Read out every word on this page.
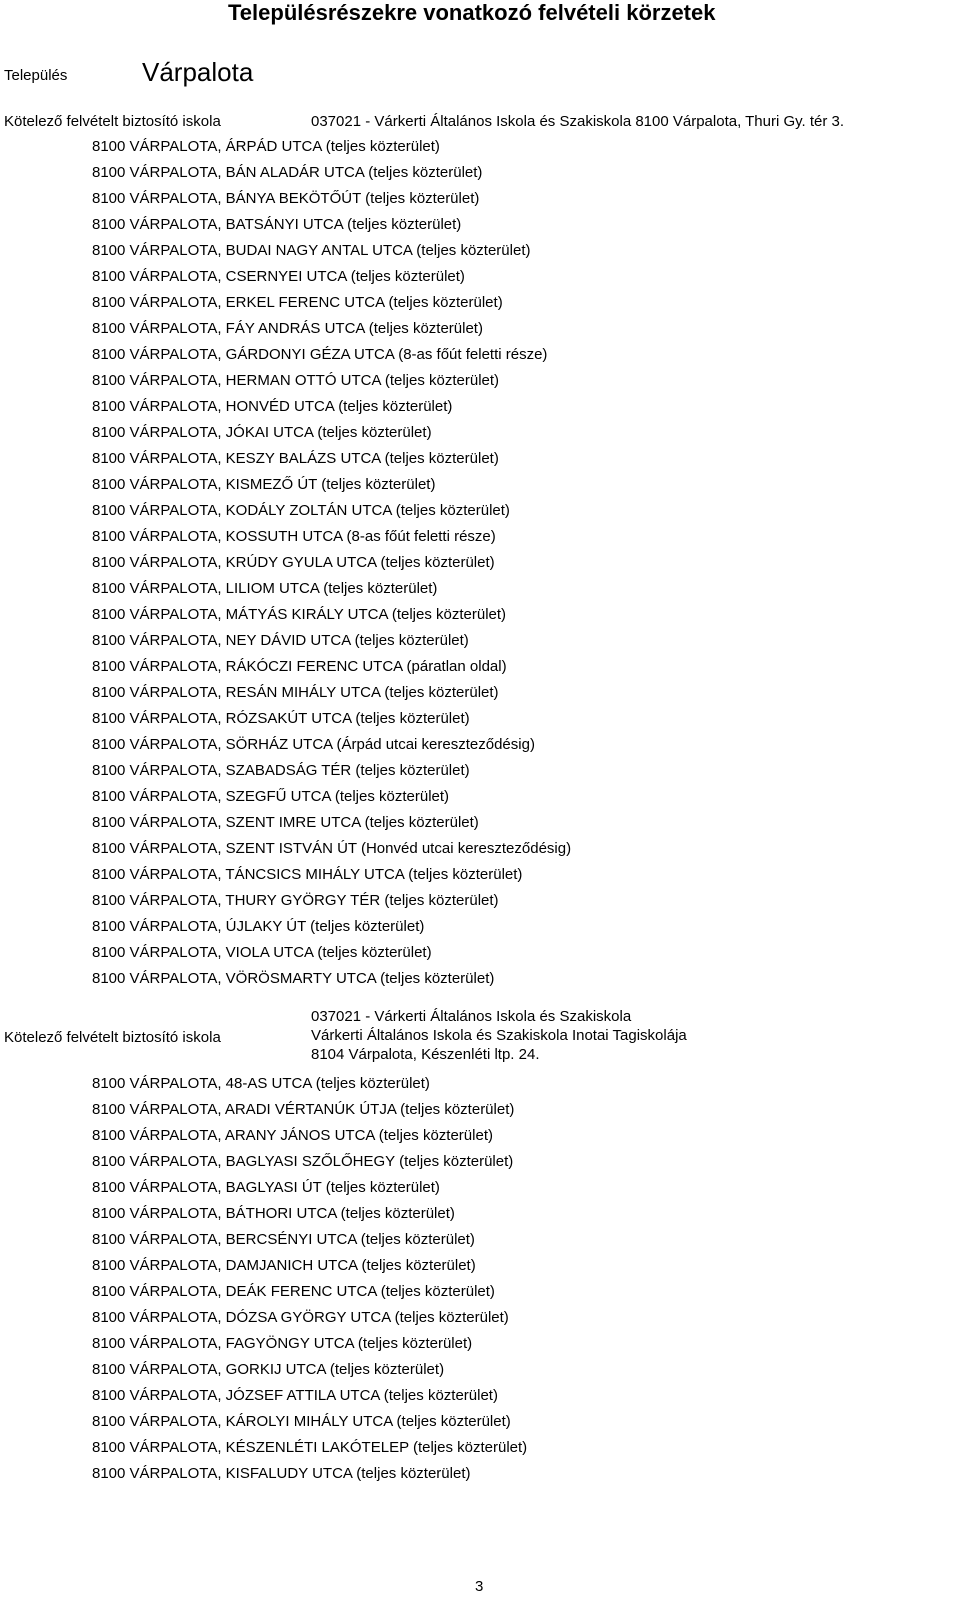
Településrészekre vonatkozó felvételi körzetek
Település	Várpalota
Kötelező felvételt biztosító iskola	037021 - Várkerti Általános Iskola és Szakiskola 8100 Várpalota, Thuri Gy. tér 3.
8100 VÁRPALOTA, ÁRPÁD UTCA (teljes közterület)
8100 VÁRPALOTA, BÁN ALADÁR UTCA (teljes közterület)
8100 VÁRPALOTA, BÁNYA BEKÖTŐÚT (teljes közterület)
8100 VÁRPALOTA, BATSÁNYI UTCA (teljes közterület)
8100 VÁRPALOTA, BUDAI NAGY ANTAL UTCA (teljes közterület)
8100 VÁRPALOTA, CSERNYEI UTCA (teljes közterület)
8100 VÁRPALOTA, ERKEL FERENC UTCA (teljes közterület)
8100 VÁRPALOTA, FÁY ANDRÁS UTCA (teljes közterület)
8100 VÁRPALOTA, GÁRDONYI GÉZA UTCA (8-as főút feletti része)
8100 VÁRPALOTA, HERMAN OTTÓ UTCA (teljes közterület)
8100 VÁRPALOTA, HONVÉD UTCA (teljes közterület)
8100 VÁRPALOTA, JÓKAI UTCA (teljes közterület)
8100 VÁRPALOTA, KESZY BALÁZS UTCA (teljes közterület)
8100 VÁRPALOTA, KISMEZŐ ÚT (teljes közterület)
8100 VÁRPALOTA, KODÁLY ZOLTÁN UTCA (teljes közterület)
8100 VÁRPALOTA, KOSSUTH UTCA (8-as főút feletti része)
8100 VÁRPALOTA, KRÚDY GYULA UTCA (teljes közterület)
8100 VÁRPALOTA, LILIOM UTCA (teljes közterület)
8100 VÁRPALOTA, MÁTYÁS KIRÁLY UTCA (teljes közterület)
8100 VÁRPALOTA, NEY DÁVID UTCA (teljes közterület)
8100 VÁRPALOTA, RÁKÓCZI FERENC UTCA (páratlan oldal)
8100 VÁRPALOTA, RESÁN MIHÁLY UTCA (teljes közterület)
8100 VÁRPALOTA, RÓZSAKÚT UTCA (teljes közterület)
8100 VÁRPALOTA, SÖRHÁZ UTCA (Árpád utcai kereszteződésig)
8100 VÁRPALOTA, SZABADSÁG TÉR (teljes közterület)
8100 VÁRPALOTA, SZEGFŰ UTCA (teljes közterület)
8100 VÁRPALOTA, SZENT IMRE UTCA (teljes közterület)
8100 VÁRPALOTA, SZENT ISTVÁN ÚT (Honvéd utcai kereszteződésig)
8100 VÁRPALOTA, TÁNCSICS MIHÁLY UTCA (teljes közterület)
8100 VÁRPALOTA, THURY GYÖRGY TÉR (teljes közterület)
8100 VÁRPALOTA, ÚJLAKY ÚT (teljes közterület)
8100 VÁRPALOTA, VIOLA UTCA (teljes közterület)
8100 VÁRPALOTA, VÖRÖSMARTY UTCA (teljes közterület)
Kötelező felvételt biztosító iskola
037021 - Várkerti Általános Iskola és Szakiskola
Várkerti Általános Iskola és Szakiskola Inotai Tagiskolája
8104 Várpalota, Készenléti ltp. 24.
8100 VÁRPALOTA, 48-AS UTCA (teljes közterület)
8100 VÁRPALOTA, ARADI VÉRTANÚK ÚTJA (teljes közterület)
8100 VÁRPALOTA, ARANY JÁNOS UTCA (teljes közterület)
8100 VÁRPALOTA, BAGLYASI SZŐLŐHEGY (teljes közterület)
8100 VÁRPALOTA, BAGLYASI ÚT (teljes közterület)
8100 VÁRPALOTA, BÁTHORI UTCA (teljes közterület)
8100 VÁRPALOTA, BERCSÉNYI UTCA (teljes közterület)
8100 VÁRPALOTA, DAMJANICH UTCA (teljes közterület)
8100 VÁRPALOTA, DEÁK FERENC UTCA (teljes közterület)
8100 VÁRPALOTA, DÓZSA GYÖRGY UTCA (teljes közterület)
8100 VÁRPALOTA, FAGYÖNGY UTCA (teljes közterület)
8100 VÁRPALOTA, GORKIJ UTCA (teljes közterület)
8100 VÁRPALOTA, JÓZSEF ATTILA UTCA (teljes közterület)
8100 VÁRPALOTA, KÁROLYI MIHÁLY UTCA (teljes közterület)
8100 VÁRPALOTA, KÉSZENLÉTI LAKÓTELEP (teljes közterület)
8100 VÁRPALOTA, KISFALUDY UTCA (teljes közterület)
3
